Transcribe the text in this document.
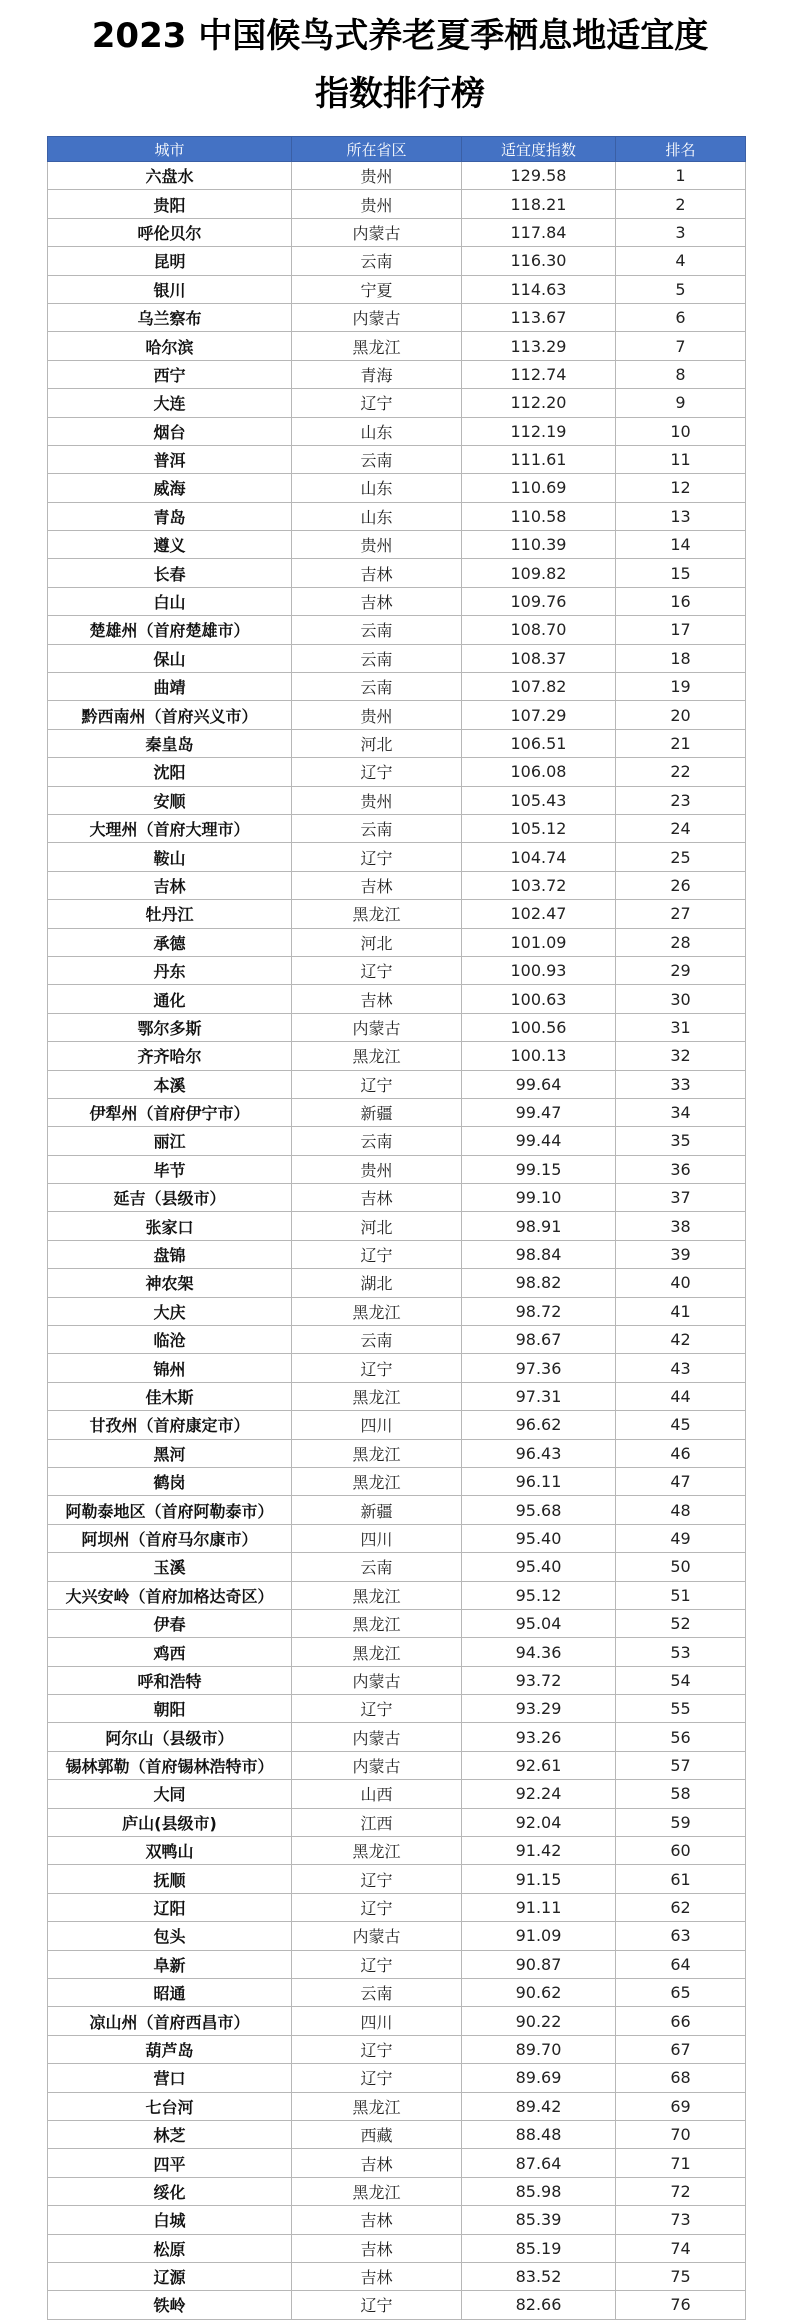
2023 中国候鸟式养老夏季栖息地适宜度
指数排行榜
城市	所在省区	适宜度指数	排名
六盘水	贵州	129.58	1
贵阳	贵州	118.21	2
呼伦贝尔	内蒙古	117.84	3
昆明	云南	116.30	4
银川	宁夏	114.63	5
乌兰察布	内蒙古	113.67	6
哈尔滨	黑龙江	113.29	7
西宁	青海	112.74	8
大连	辽宁	112.20	9
烟台	山东	112.19	10
普洱	云南	111.61	11
威海	山东	110.69	12
青岛	山东	110.58	13
遵义	贵州	110.39	14
长春	吉林	109.82	15
白山	吉林	109.76	16
楚雄州（首府楚雄市）	云南	108.70	17
保山	云南	108.37	18
曲靖	云南	107.82	19
黔西南州（首府兴义市）	贵州	107.29	20
秦皇岛	河北	106.51	21
沈阳	辽宁	106.08	22
安顺	贵州	105.43	23
大理州（首府大理市）	云南	105.12	24
鞍山	辽宁	104.74	25
吉林	吉林	103.72	26
牡丹江	黑龙江	102.47	27
承德	河北	101.09	28
丹东	辽宁	100.93	29
通化	吉林	100.63	30
鄂尔多斯	内蒙古	100.56	31
齐齐哈尔	黑龙江	100.13	32
本溪	辽宁	99.64	33
伊犁州（首府伊宁市）	新疆	99.47	34
丽江	云南	99.44	35
毕节	贵州	99.15	36
延吉（县级市）	吉林	99.10	37
张家口	河北	98.91	38
盘锦	辽宁	98.84	39
神农架	湖北	98.82	40
大庆	黑龙江	98.72	41
临沧	云南	98.67	42
锦州	辽宁	97.36	43
佳木斯	黑龙江	97.31	44
甘孜州（首府康定市）	四川	96.62	45
黑河	黑龙江	96.43	46
鹤岗	黑龙江	96.11	47
阿勒泰地区（首府阿勒泰市）	新疆	95.68	48
阿坝州（首府马尔康市）	四川	95.40	49
玉溪	云南	95.40	50
大兴安岭（首府加格达奇区）	黑龙江	95.12	51
伊春	黑龙江	95.04	52
鸡西	黑龙江	94.36	53
呼和浩特	内蒙古	93.72	54
朝阳	辽宁	93.29	55
阿尔山（县级市）	内蒙古	93.26	56
锡林郭勒（首府锡林浩特市）	内蒙古	92.61	57
大同	山西	92.24	58
庐山(县级市)	江西	92.04	59
双鸭山	黑龙江	91.42	60
抚顺	辽宁	91.15	61
辽阳	辽宁	91.11	62
包头	内蒙古	91.09	63
阜新	辽宁	90.87	64
昭通	云南	90.62	65
凉山州（首府西昌市）	四川	90.22	66
葫芦岛	辽宁	89.70	67
营口	辽宁	89.69	68
七台河	黑龙江	89.42	69
林芝	西藏	88.48	70
四平	吉林	87.64	71
绥化	黑龙江	85.98	72
白城	吉林	85.39	73
松原	吉林	85.19	74
辽源	吉林	83.52	75
铁岭	辽宁	82.66	76
